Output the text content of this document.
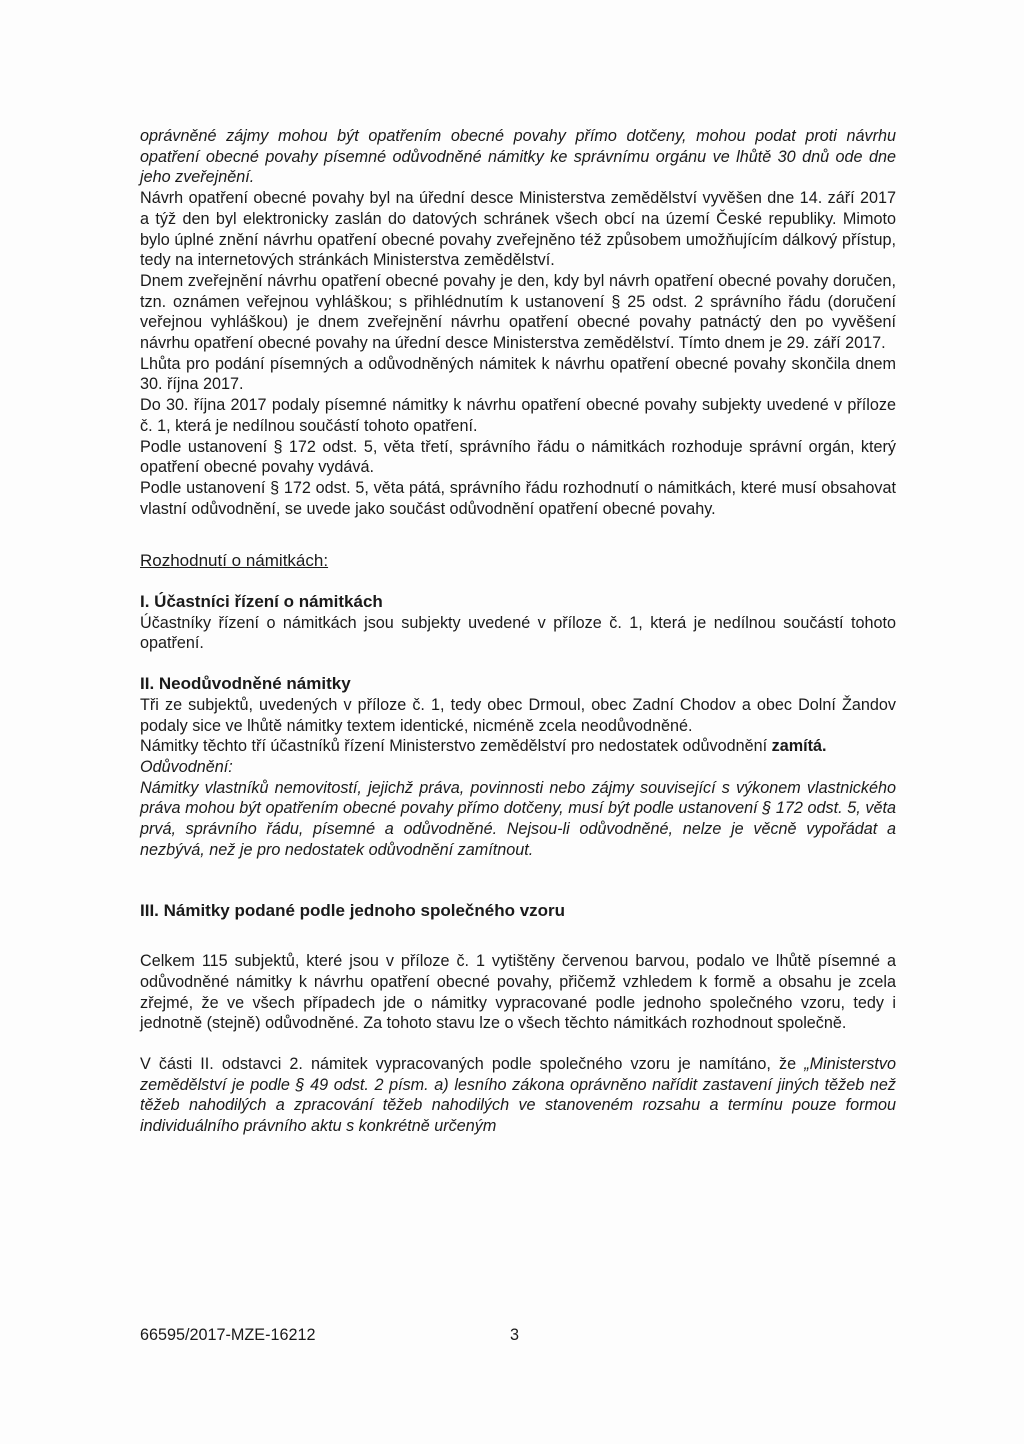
oprávněné zájmy mohou být opatřením obecné povahy přímo dotčeny, mohou podat proti návrhu opatření obecné povahy písemné odůvodněné námitky ke správnímu orgánu ve lhůtě 30 dnů ode dne jeho zveřejnění.

Návrh opatření obecné povahy byl na úřední desce Ministerstva zemědělství vyvěšen dne 14. září 2017 a týž den byl elektronicky zaslán do datových schránek všech obcí na území České republiky. Mimoto bylo úplné znění návrhu opatření obecné povahy zveřejněno též způsobem umožňujícím dálkový přístup, tedy na internetových stránkách Ministerstva zemědělství.

Dnem zveřejnění návrhu opatření obecné povahy je den, kdy byl návrh opatření obecné povahy doručen, tzn. oznámen veřejnou vyhláškou; s přihlédnutím k ustanovení § 25 odst. 2 správního řádu (doručení veřejnou vyhláškou) je dnem zveřejnění návrhu opatření obecné povahy patnáctý den po vyvěšení návrhu opatření obecné povahy na úřední desce Ministerstva zemědělství. Tímto dnem je 29. září 2017.

Lhůta pro podání písemných a odůvodněných námitek k návrhu opatření obecné povahy skončila dnem 30. října 2017.

Do 30. října 2017 podaly písemné námitky k návrhu opatření obecné povahy subjekty uvedené v příloze č. 1, která je nedílnou součástí tohoto opatření.

Podle ustanovení § 172 odst. 5, věta třetí, správního řádu o námitkách rozhoduje správní orgán, který opatření obecné povahy vydává.

Podle ustanovení § 172 odst. 5, věta pátá, správního řádu rozhodnutí o námitkách, které musí obsahovat vlastní odůvodnění, se uvede jako součást odůvodnění opatření obecné povahy.

Rozhodnutí o námitkách:

I. Účastníci řízení o námitkách

Účastníky řízení o námitkách jsou subjekty uvedené v příloze č. 1, která je nedílnou součástí tohoto opatření.

II. Neodůvodněné námitky

Tři ze subjektů, uvedených v příloze č. 1, tedy obec Drmoul, obec Zadní Chodov a obec Dolní Žandov podaly sice ve lhůtě námitky textem identické, nicméně zcela neodůvodněné.

Námitky těchto tří účastníků řízení Ministerstvo zemědělství pro nedostatek odůvodnění zamítá.

Odůvodnění:

Námitky vlastníků nemovitostí, jejichž práva, povinnosti nebo zájmy související s výkonem vlastnického práva mohou být opatřením obecné povahy přímo dotčeny, musí být podle ustanovení § 172 odst. 5, věta prvá, správního řádu, písemné a odůvodněné. Nejsou-li odůvodněné, nelze je věcně vypořádat a nezbývá, než je pro nedostatek odůvodnění zamítnout.

III. Námitky podané podle jednoho společného vzoru

Celkem 115 subjektů, které jsou v příloze č. 1 vytištěny červenou barvou, podalo ve lhůtě písemné a odůvodněné námitky k návrhu opatření obecné povahy, přičemž vzhledem k formě a obsahu je zcela zřejmé, že ve všech případech jde o námitky vypracované podle jednoho společného vzoru, tedy i jednotně (stejně) odůvodněné. Za tohoto stavu lze o všech těchto námitkách rozhodnout společně.

V části II. odstavci 2. námitek vypracovaných podle společného vzoru je namítáno, že „Ministerstvo zemědělství je podle § 49 odst. 2 písm. a) lesního zákona oprávněno nařídit zastavení jiných těžeb než těžeb nahodilých a zpracování těžeb nahodilých ve stanoveném rozsahu a termínu pouze formou individuálního právního aktu s konkrétně určeným

66595/2017-MZE-16212	3
